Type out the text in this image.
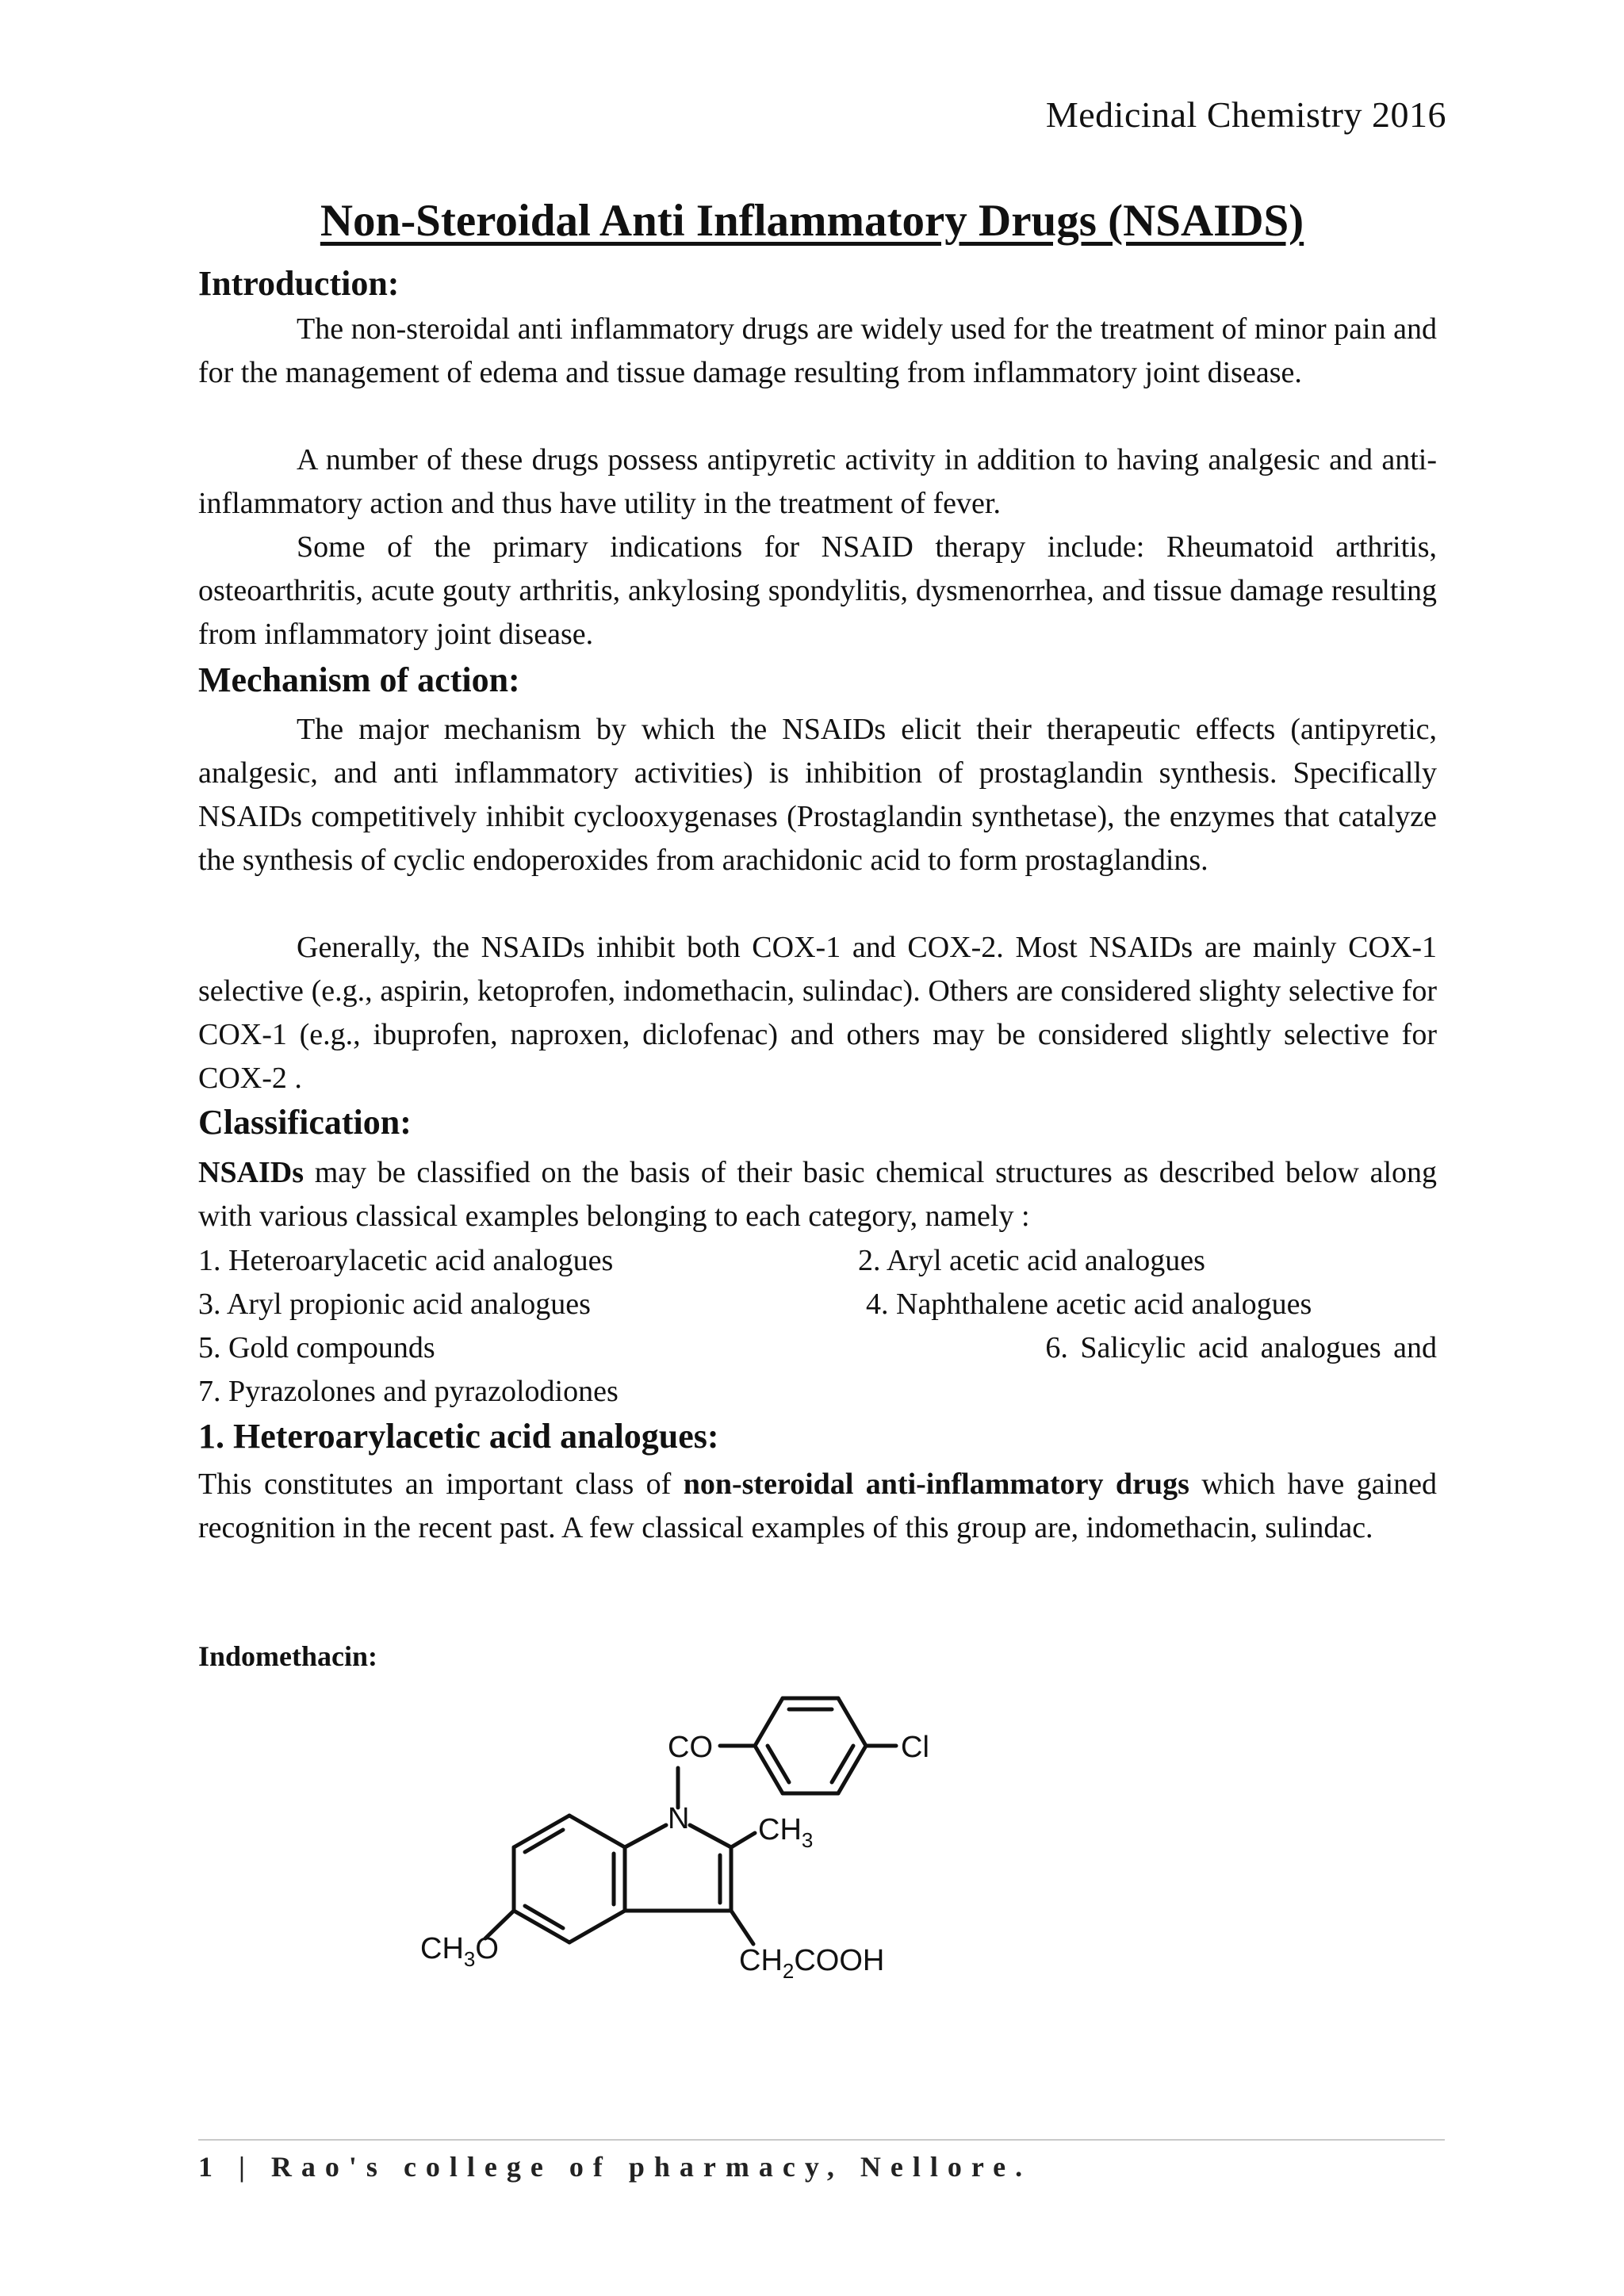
Medicinal Chemistry 2016
Non-Steroidal Anti Inflammatory Drugs (NSAIDS)
Introduction:
The non-steroidal anti inflammatory drugs are widely used for the treatment of minor pain and for the management of edema and tissue damage resulting from inflammatory joint disease.
A number of these drugs possess antipyretic activity in addition to having analgesic and anti-inflammatory action and thus have utility in the treatment of fever.
Some of the primary indications for NSAID therapy include: Rheumatoid arthritis, osteoarthritis, acute gouty arthritis, ankylosing spondylitis, dysmenorrhea, and tissue damage resulting from inflammatory joint disease.
Mechanism of action:
The major mechanism by which the NSAIDs elicit their therapeutic effects (antipyretic, analgesic, and anti inflammatory activities) is inhibition of prostaglandin synthesis. Specifically NSAIDs competitively inhibit cyclooxygenases (Prostaglandin synthetase), the enzymes that catalyze the synthesis of cyclic endoperoxides from arachidonic acid to form prostaglandins.
Generally, the NSAIDs inhibit both COX-1 and COX-2. Most NSAIDs are mainly COX-1 selective (e.g., aspirin, ketoprofen, indomethacin, sulindac). Others are considered slighty selective for COX-1 (e.g., ibuprofen, naproxen, diclofenac) and others may be considered slightly selective for COX-2 .
Classification:
NSAIDs may be classified on the basis of their basic chemical structures as described below along with various classical examples belonging to each category, namely :
1. Heteroarylacetic acid analogues	2. Aryl acetic acid analogues
3. Aryl propionic acid analogues	4. Naphthalene acetic acid analogues
5. Gold compounds	6. Salicylic acid analogues and
7. Pyrazolones and pyrazolodiones
1. Heteroarylacetic acid analogues:
This constitutes an important class of non-steroidal anti-inflammatory drugs which have gained recognition in the recent past. A few classical examples of this group are, indomethacin, sulindac.
Indomethacin:
CO	Cl
N $CH_3$
$CH_3O$	$CH_2COOH$
1 | Rao's college of pharmacy, Nellore.
